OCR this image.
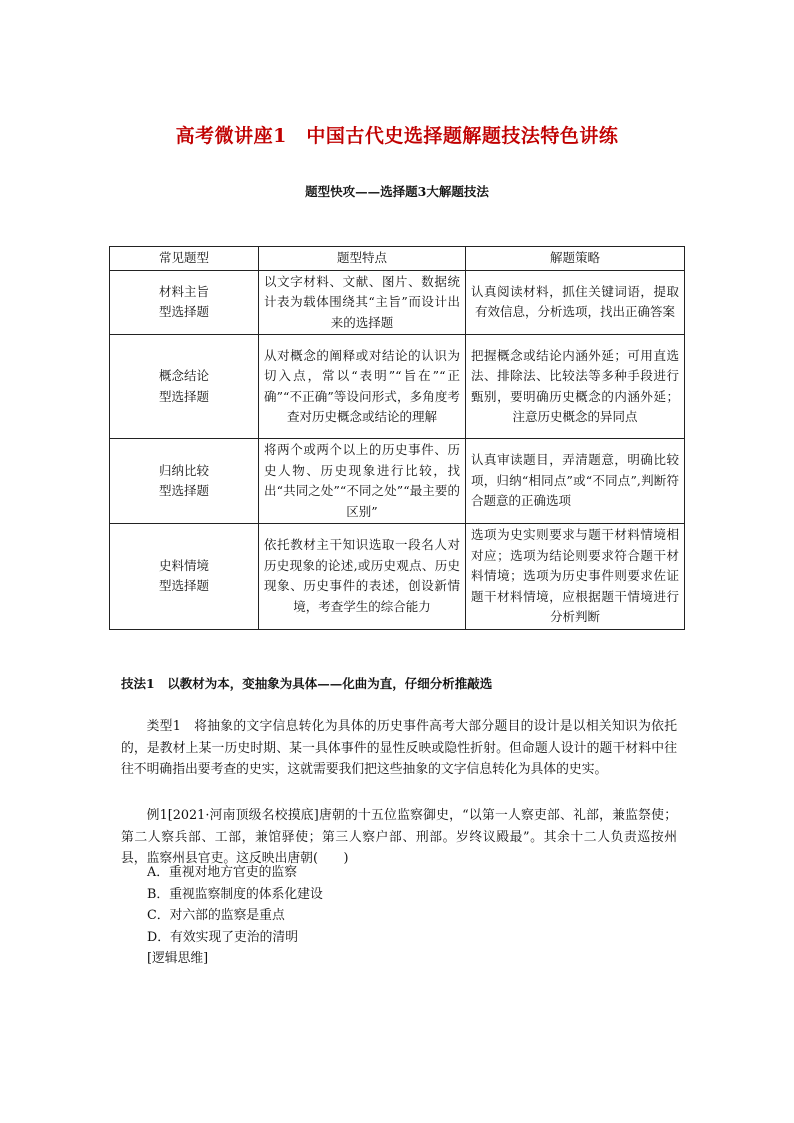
高考微讲座1　中国古代史选择题解题技法特色讲练
题型快攻——选择题3大解题技法
常见题型	题型特点	解题策略
材料主旨
型选择题	以文字材料、文献、图片、数据统计表为载体围绕其“主旨”而设计出来的选择题	认真阅读材料，抓住关键词语，提取有效信息，分析选项，找出正确答案
概念结论
型选择题	从对概念的阐释或对结论的认识为切入点，常以“表明”“旨在”“正确”“不正确”等设问形式，多角度考查对历史概念或结论的理解	把握概念或结论内涵外延；可用直选法、排除法、比较法等多种手段进行甄别，要明确历史概念的内涵外延；注意历史概念的异同点
归纳比较
型选择题	将两个或两个以上的历史事件、历史人物、历史现象进行比较，找出“共同之处”“不同之处”“最主要的区别”	认真审读题目，弄清题意，明确比较项，归纳“相同点”或“不同点”,判断符合题意的正确选项
史料情境
型选择题	依托教材主干知识选取一段名人对历史现象的论述,或历史观点、历史现象、历史事件的表述，创设新情境，考查学生的综合能力	选项为史实则要求与题干材料情境相对应；选项为结论则要求符合题干材料情境；选项为历史事件则要求佐证题干材料情境，应根据题干情境进行分析判断
技法1　以教材为本，变抽象为具体——化曲为直，仔细分析推敲选
类型1　将抽象的文字信息转化为具体的历史事件高考大部分题目的设计是以相关知识为依托的，是教材上某一历史时期、某一具体事件的显性反映或隐性折射。但命题人设计的题干材料中往往不明确指出要考查的史实，这就需要我们把这些抽象的文字信息转化为具体的史实。
例1[2021·河南顶级名校摸底]唐朝的十五位监察御史，“以第一人察吏部、礼部，兼监祭使；第二人察兵部、工部，兼馆驿使；第三人察户部、刑部。岁终议殿最”。其余十二人负责巡按州县，监察州县官吏。这反映出唐朝(　　)
A．重视对地方官吏的监察
B．重视监察制度的体系化建设
C．对六部的监察是重点
D．有效实现了吏治的清明
[逻辑思维]
